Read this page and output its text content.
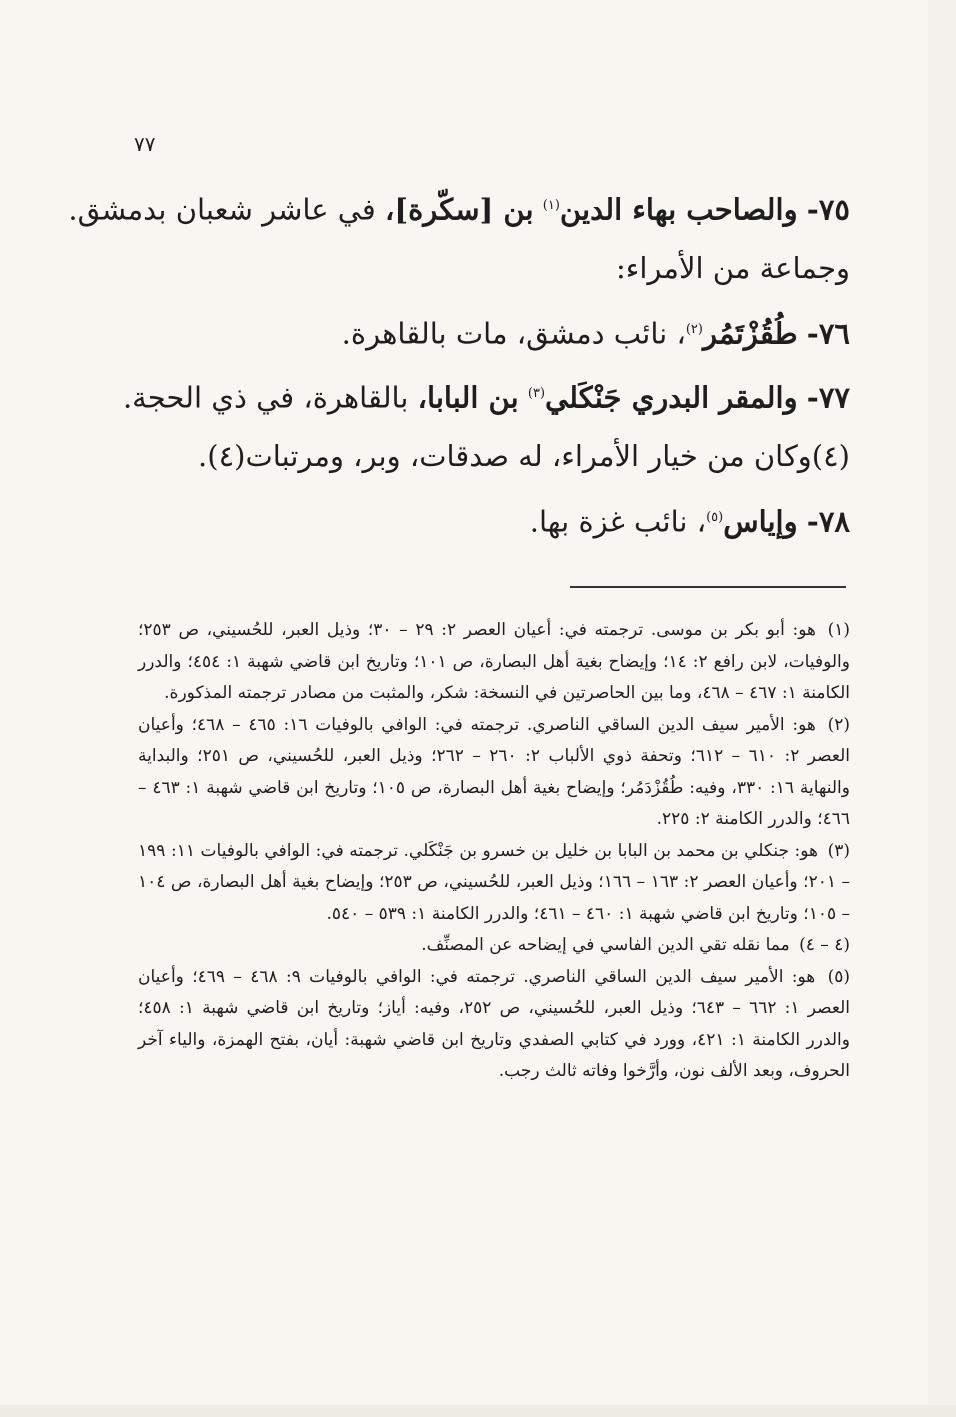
٧٧
٧٥- والصاحب بهاء الدين$^{(١)}$ بن [سكّرة]، في عاشر شعبان بدمشق.
وجماعة من الأمراء:
٧٦- طُقُزْتَمُر$^{(٢)}$، نائب دمشق، مات بالقاهرة.
٧٧- والمقر البدري جَنْكَلي$^{(٣)}$ بن البابا، بالقاهرة، في ذي الحجة.
(٤)وكان من خيار الأمراء، له صدقات، وبر، ومرتبات(٤).
٧٨- وإياس$^{(٥)}$، نائب غزة بها.

(١) هو: أبو بكر بن موسى. ترجمته في: أعيان العصر ٢: ٢٩ – ٣٠؛ وذيل العبر، للحُسيني، ص ٢٥٣؛ والوفيات، لابن رافع ٢: ١٤؛ وإيضاح بغية أهل البصارة، ص ١٠١؛ وتاريخ ابن قاضي شهبة ١: ٤٥٤؛ والدرر الكامنة ١: ٤٦٧ – ٤٦٨، وما بين الحاصرتين في النسخة: شكر، والمثبت من مصادر ترجمته المذكورة.

(٢) هو: الأمير سيف الدين الساقي الناصري. ترجمته في: الوافي بالوفيات ١٦: ٤٦٥ – ٤٦٨؛ وأعيان العصر ٢: ٦١٠ – ٦١٢؛ وتحفة ذوي الألباب ٢: ٢٦٠ – ٢٦٢؛ وذيل العبر، للحُسيني، ص ٢٥١؛ والبداية والنهاية ١٦: ٣٣٠، وفيه: طُقُزْدَمُر؛ وإيضاح بغية أهل البصارة، ص ١٠٥؛ وتاريخ ابن قاضي شهبة ١: ٤٦٣ – ٤٦٦؛ والدرر الكامنة ٢: ٢٢٥.

(٣) هو: جنكلي بن محمد بن البابا بن خليل بن خسرو بن جَنْكَلي. ترجمته في: الوافي بالوفيات ١١: ١٩٩ – ٢٠١؛ وأعيان العصر ٢: ١٦٣ – ١٦٦؛ وذيل العبر، للحُسيني، ص ٢٥٣؛ وإيضاح بغية أهل البصارة، ص ١٠٤ – ١٠٥؛ وتاريخ ابن قاضي شهبة ١: ٤٦٠ – ٤٦١؛ والدرر الكامنة ١: ٥٣٩ – ٥٤٠.

(٤ – ٤) مما نقله تقي الدين الفاسي في إيضاحه عن المصنِّف.

(٥) هو: الأمير سيف الدين الساقي الناصري. ترجمته في: الوافي بالوفيات ٩: ٤٦٨ – ٤٦٩؛ وأعيان العصر ١: ٦٦٢ – ٦٤٣؛ وذيل العبر، للحُسيني، ص ٢٥٢، وفيه: أياز؛ وتاريخ ابن قاضي شهبة ١: ٤٥٨؛ والدرر الكامنة ١: ٤٢١، وورد في كتابي الصفدي وتاريخ ابن قاضي شهبة: أيان، بفتح الهمزة، والياء آخر الحروف، وبعد الألف نون، وأرَّخوا وفاته ثالث رجب.
